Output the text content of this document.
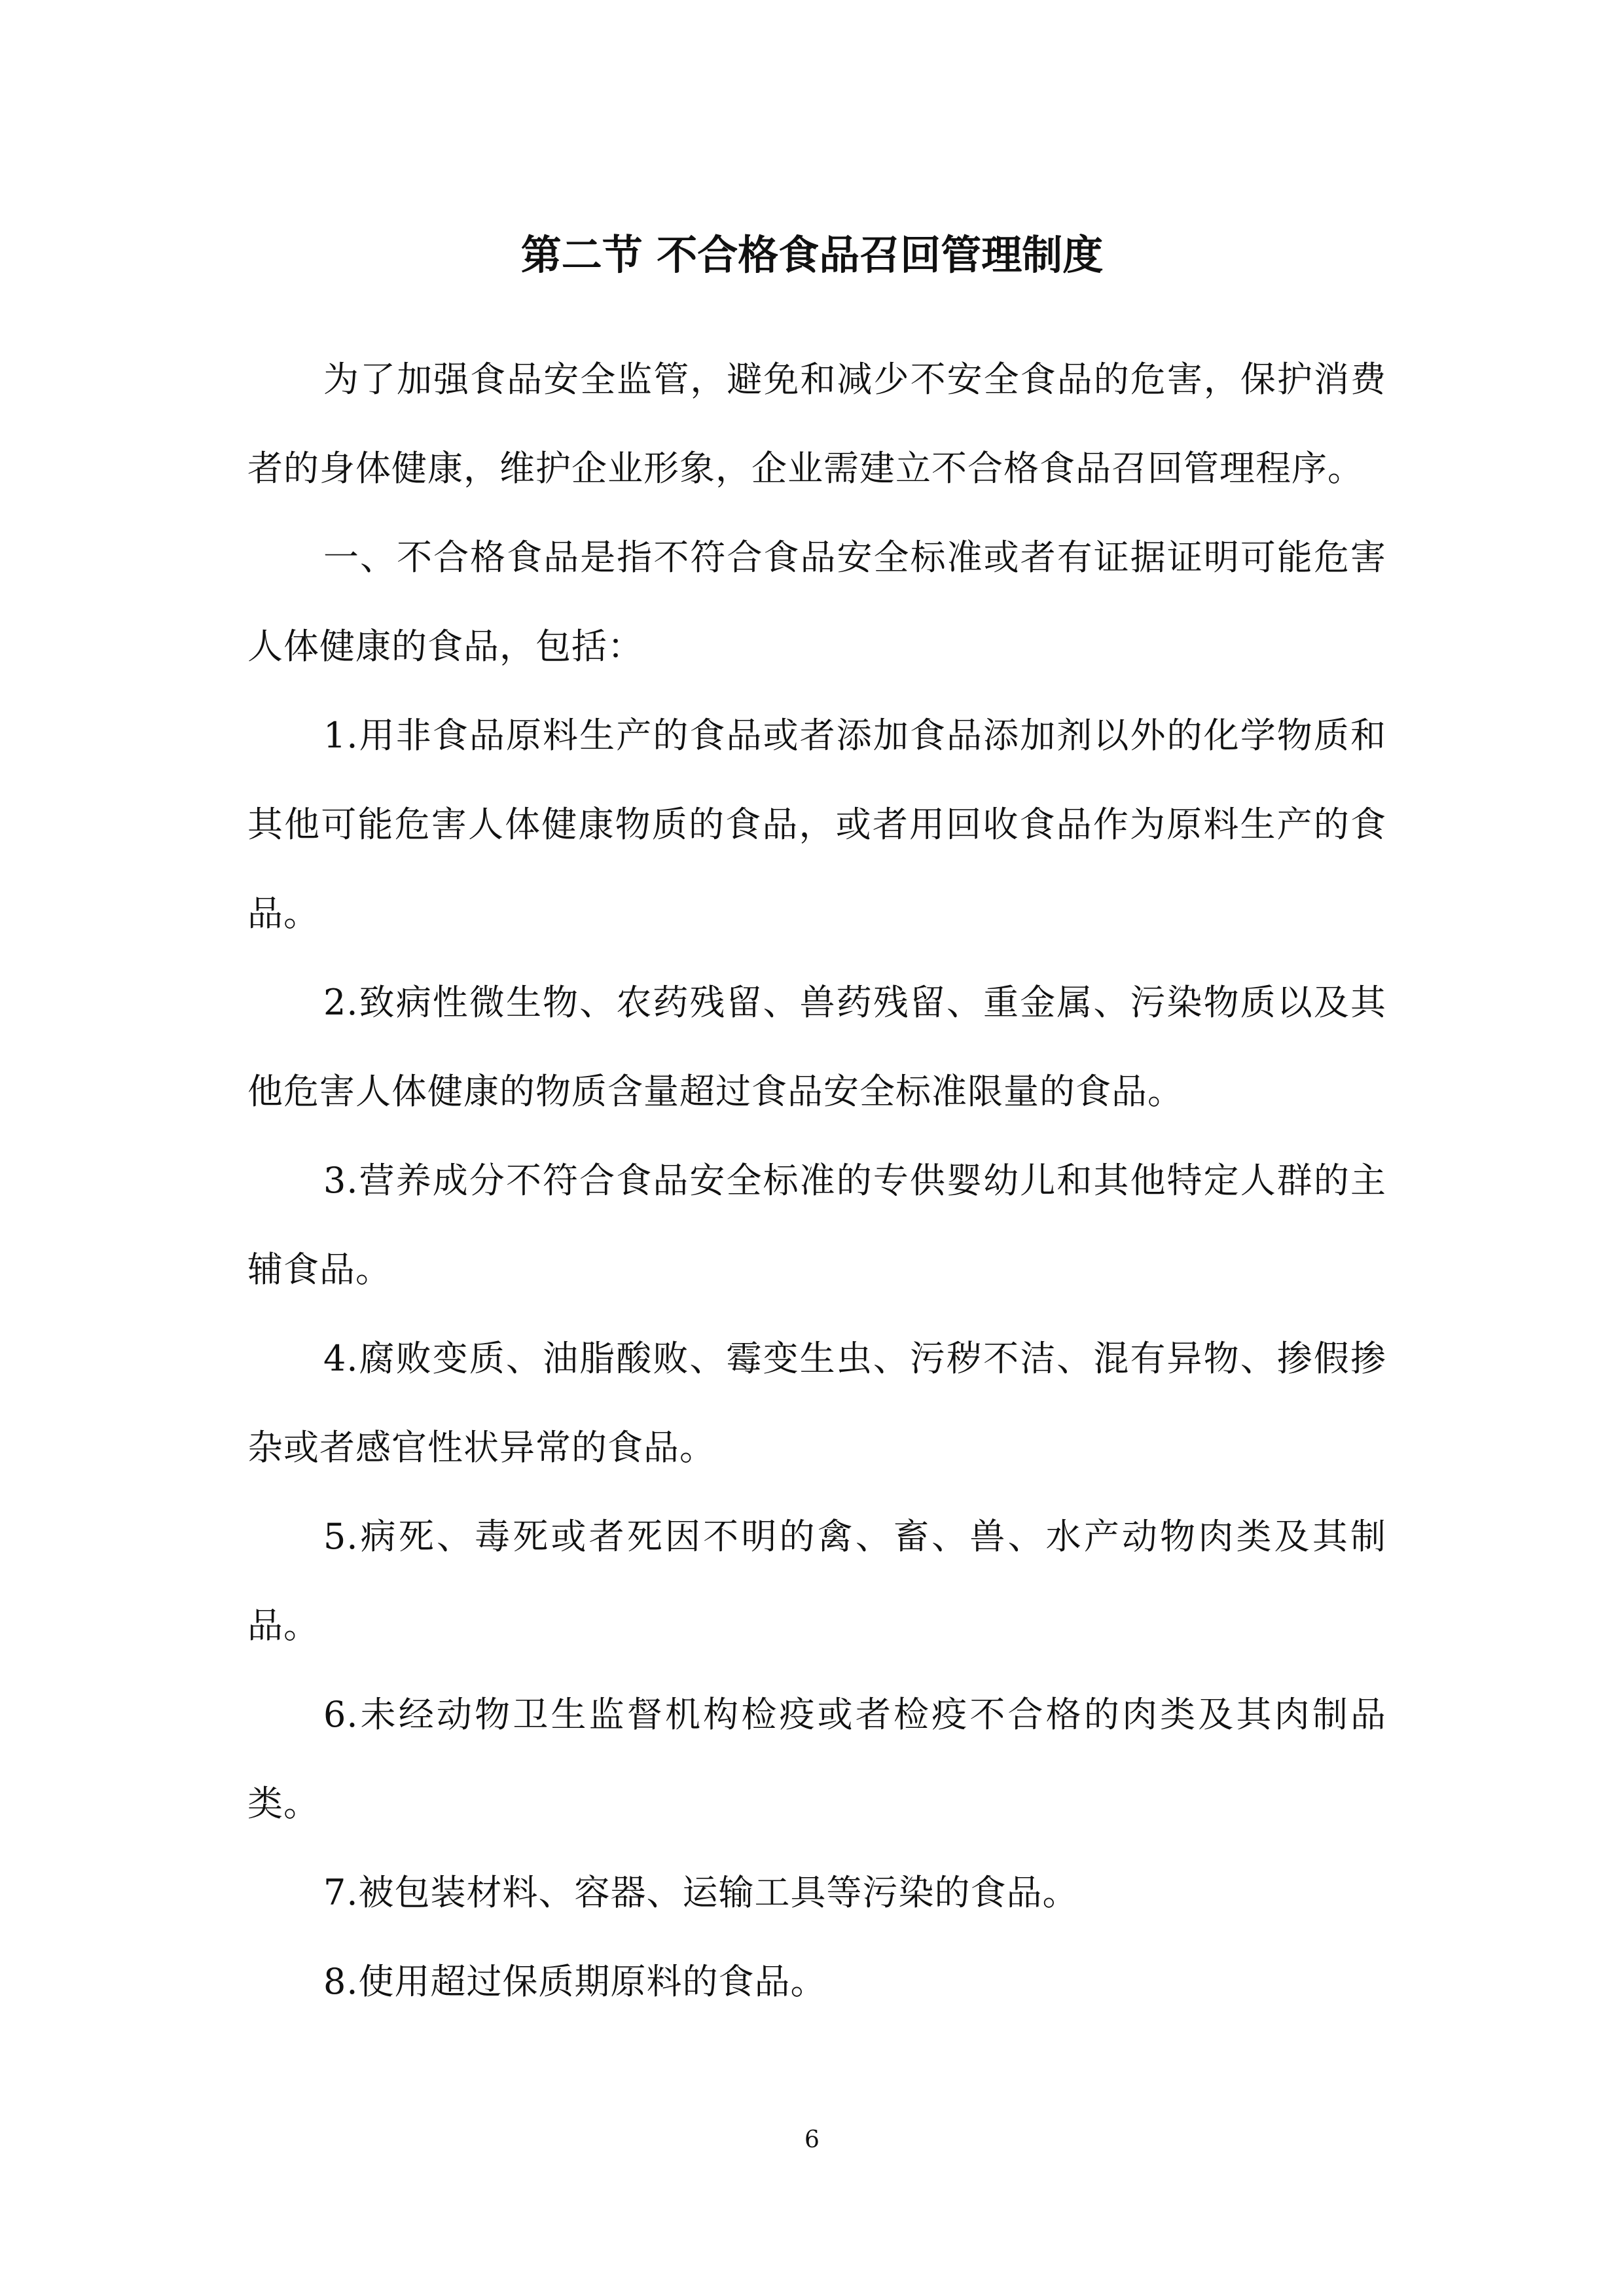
第二节 不合格食品召回管理制度

为了加强食品安全监管，避免和减少不安全食品的危害，保护消费者的身体健康，维护企业形象，企业需建立不合格食品召回管理程序。

一、不合格食品是指不符合食品安全标准或者有证据证明可能危害人体健康的食品，包括：

1.用非食品原料生产的食品或者添加食品添加剂以外的化学物质和其他可能危害人体健康物质的食品，或者用回收食品作为原料生产的食品。

2.致病性微生物、农药残留、兽药残留、重金属、污染物质以及其他危害人体健康的物质含量超过食品安全标准限量的食品。

3.营养成分不符合食品安全标准的专供婴幼儿和其他特定人群的主辅食品。

4.腐败变质、油脂酸败、霉变生虫、污秽不洁、混有异物、掺假掺杂或者感官性状异常的食品。

5.病死、毒死或者死因不明的禽、畜、兽、水产动物肉类及其制品。

6.未经动物卫生监督机构检疫或者检疫不合格的肉类及其肉制品类。

7.被包装材料、容器、运输工具等污染的食品。

8.使用超过保质期原料的食品。

6
